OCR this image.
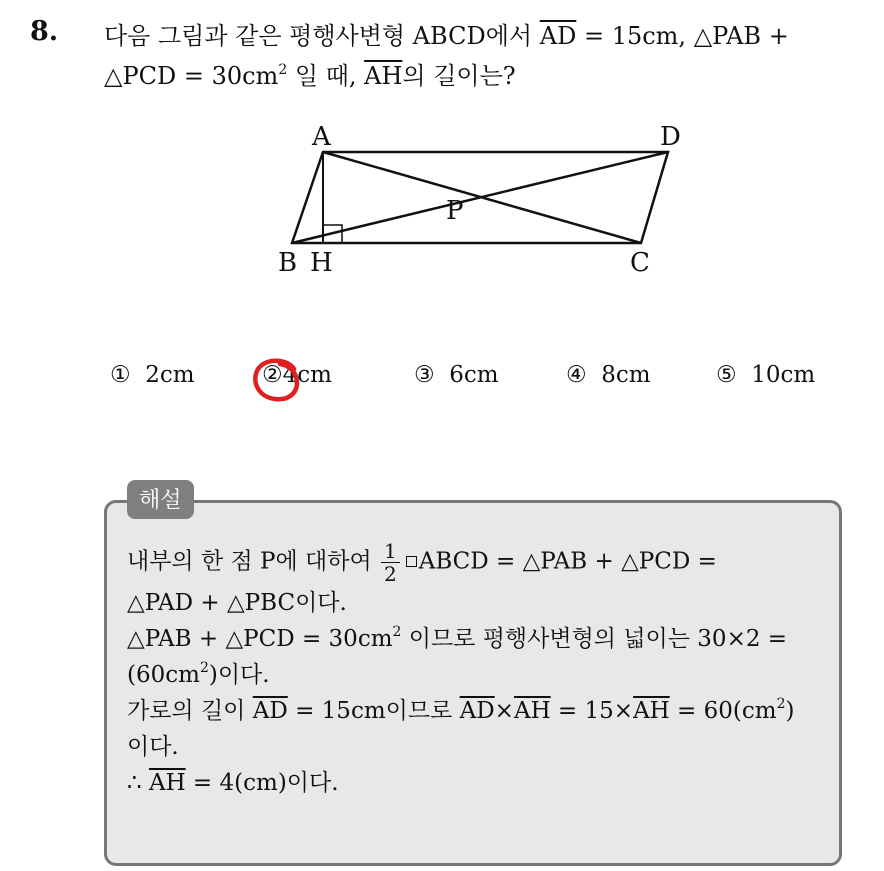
8. 다음 그림과 같은 평행사변형 ABCD에서 $\overline{AD} = 15cm$, △PAB +
△PCD = $30cm^2$ 일 때, $\overline{AH}$의 길이는?
A	D
B H	C
P
① 2cm	②4cm	③ 6cm	④ 8cm	⑤ 10cm
해설
내부의 한 점 P에 대하여 $\frac{1}{2}$ ABCD = △PAB + △PCD =
△PAD + △PBC이다.
△PAB + △PCD = $30cm^2$ 이므로 평행사변형의 넓이는 30×2 =
$(60cm^2)$이다.
가로의 길이 $\overline{AD} = 15cm$이므로 $\overline{AD}\times\overline{AH} = 15\times\overline{AH} = 60(cm^2)$
이다.
∴ $\overline{AH} = 4(cm)$이다.
